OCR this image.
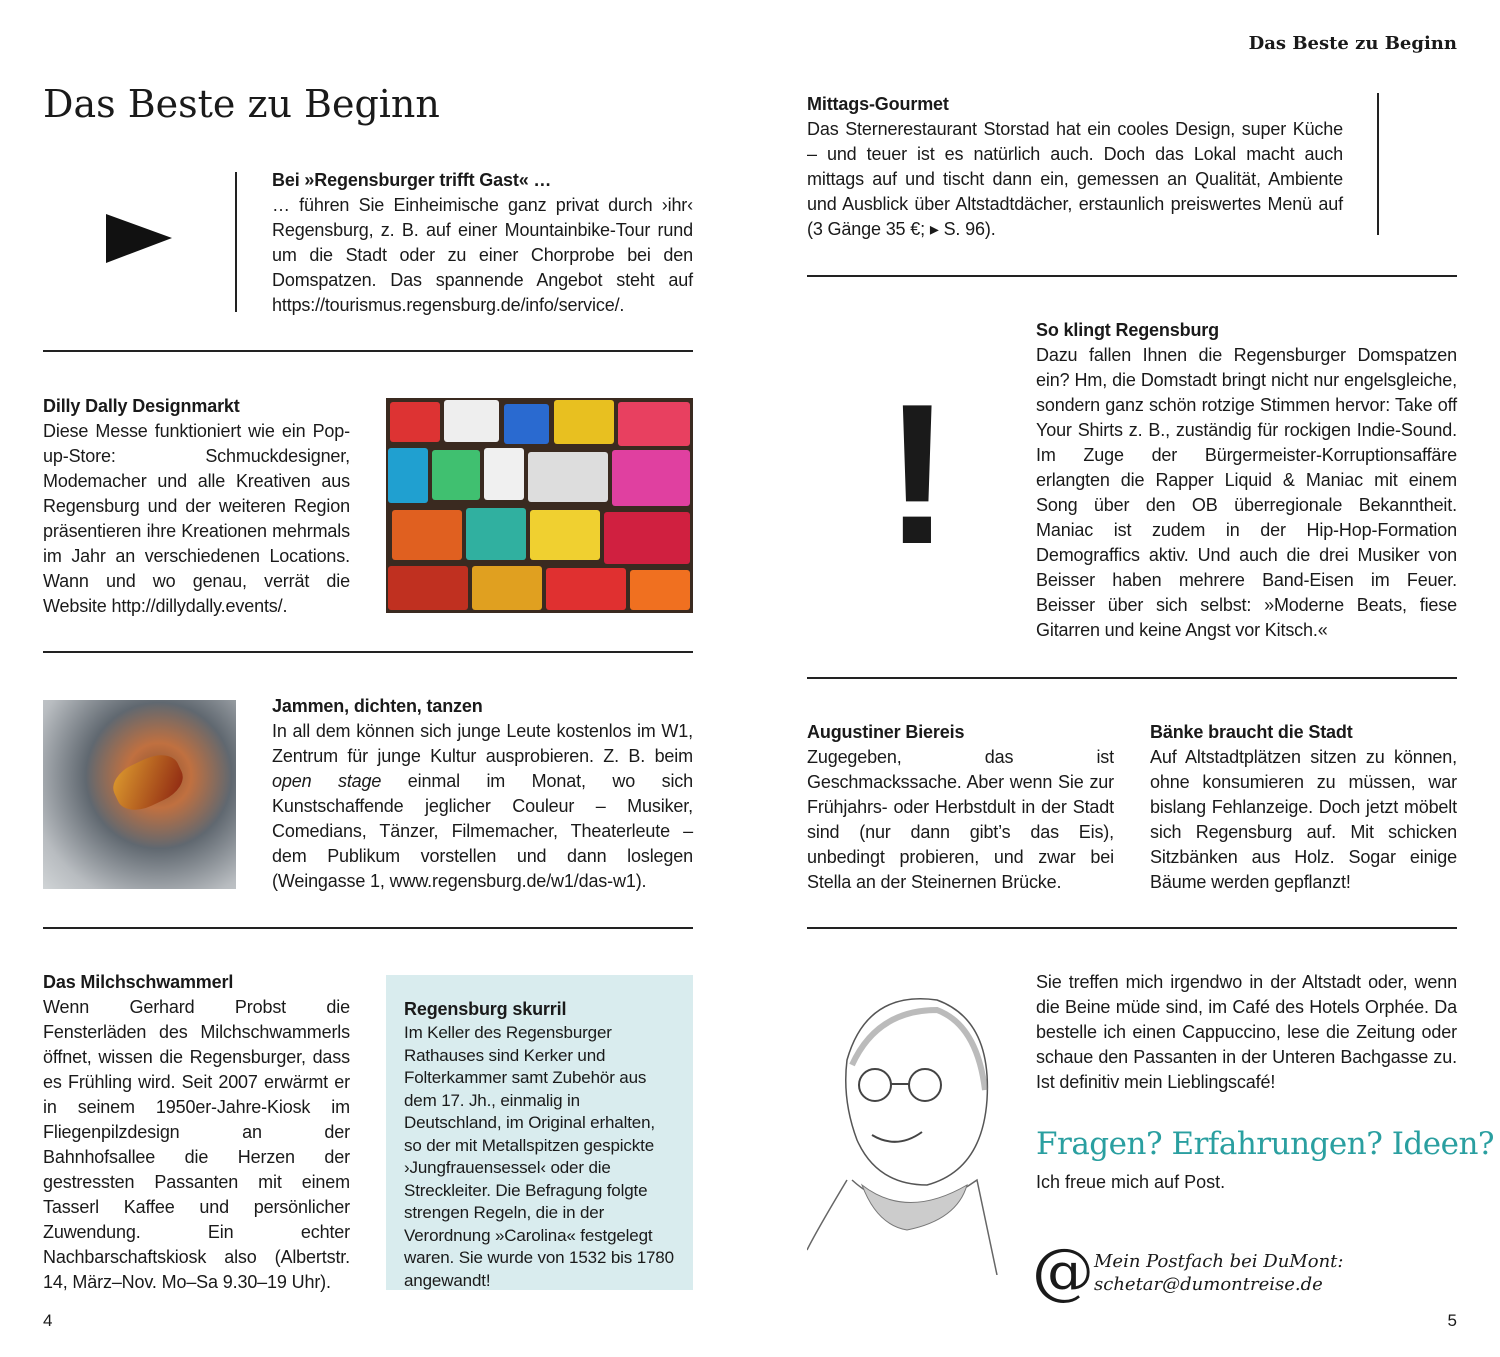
Das Beste zu Beginn
Das Beste zu Beginn
Bei »Regensburger trifft Gast« …

… führen Sie Einheimische ganz privat durch ›ihr‹ Regensburg, z. B. auf einer Mountainbike-Tour rund um die Stadt oder zu einer Chorprobe bei den Domspatzen. Das spannende Angebot steht auf https://tourismus.regensburg.de/info/service/.

Dilly Dally Designmarkt

Diese Messe funktioniert wie ein Pop-up-Store: Schmuckdesigner, Modemacher und alle Kreativen aus Regensburg und der weiteren Region präsentieren ihre Kreationen mehrmals im Jahr an verschiedenen Locations. Wann und wo genau, verrät die Website http://dillydally.events/.

Jammen, dichten, tanzen

In all dem können sich junge Leute kostenlos im W1, Zentrum für junge Kultur ausprobieren. Z. B. beim open stage einmal im Monat, wo sich Kunstschaffende jeglicher Couleur – Musiker, Comedians, Tänzer, Filmemacher, Theaterleute – dem Publikum vorstellen und dann loslegen (Weingasse 1, www.regensburg.de/w1/das-w1).

Das Milchschwammerl

Wenn Gerhard Probst die Fensterläden des Milchschwammerls öffnet, wissen die Regensburger, dass es Frühling wird. Seit 2007 erwärmt er in seinem 1950er-Jahre-Kiosk im Fliegenpilzdesign an der Bahnhofsallee die Herzen der gestressten Passanten mit einem Tasserl Kaffee und persönlicher Zuwendung. Ein echter Nachbarschaftskiosk also (Albertstr. 14, März–Nov. Mo–Sa 9.30–19 Uhr).

Regensburg skurril

Im Keller des Regensburger Rathauses sind Kerker und Folterkammer samt Zubehör aus dem 17. Jh., einmalig in Deutschland, im Original erhalten, so der mit Metallspitzen gespickte ›Jungfrauensessel‹ oder die Streckleiter. Die Befragung folgte strengen Regeln, die in der Verordnung »Carolina« festgelegt waren. Sie wurde von 1532 bis 1780 angewandt!

4
Mittags-Gourmet

Das Sternerestaurant Storstad hat ein cooles Design, super Küche – und teuer ist es natürlich auch. Doch das Lokal macht auch mittags auf und tischt dann ein, gemessen an Qualität, Ambiente und Ausblick über Altstadtdächer, erstaunlich preiswertes Menü auf (3 Gänge 35 €; ▸ S. 96).

!
So klingt Regensburg

Dazu fallen Ihnen die Regensburger Domspatzen ein? Hm, die Domstadt bringt nicht nur engelsgleiche, sondern ganz schön rotzige Stimmen hervor: Take off Your Shirts z. B., zuständig für rockigen Indie-Sound. Im Zuge der Bürgermeister-Korruptionsaffäre erlangten die Rapper Liquid & Maniac mit einem Song über den OB überregionale Bekanntheit. Maniac ist zudem in der Hip-Hop-Formation Demograffics aktiv. Und auch die drei Musiker von Beisser haben mehrere Band-Eisen im Feuer. Beisser über sich selbst: »Moderne Beats, fiese Gitarren und keine Angst vor Kitsch.«

Augustiner Biereis

Zugegeben, das ist Geschmackssache. Aber wenn Sie zur Frühjahrs- oder Herbstdult in der Stadt sind (nur dann gibt’s das Eis), unbedingt probieren, und zwar bei Stella an der Steinernen Brücke.

Bänke braucht die Stadt

Auf Altstadtplätzen sitzen zu können, ohne konsumieren zu müssen, war bislang Fehlanzeige. Doch jetzt möbelt sich Regensburg auf. Mit schicken Sitzbänken aus Holz. Sogar einige Bäume werden gepflanzt!

Sie treffen mich irgendwo in der Altstadt oder, wenn die Beine müde sind, im Café des Hotels Orphée. Da bestelle ich einen Cappuccino, lese die Zeitung oder schaue den Passanten in der Unteren Bachgasse zu. Ist definitiv mein Lieblingscafé!

Fragen? Erfahrungen? Ideen?
Ich freue mich auf Post.
@ Mein Postfach bei DuMont:
schetar@dumontreise.de
5
